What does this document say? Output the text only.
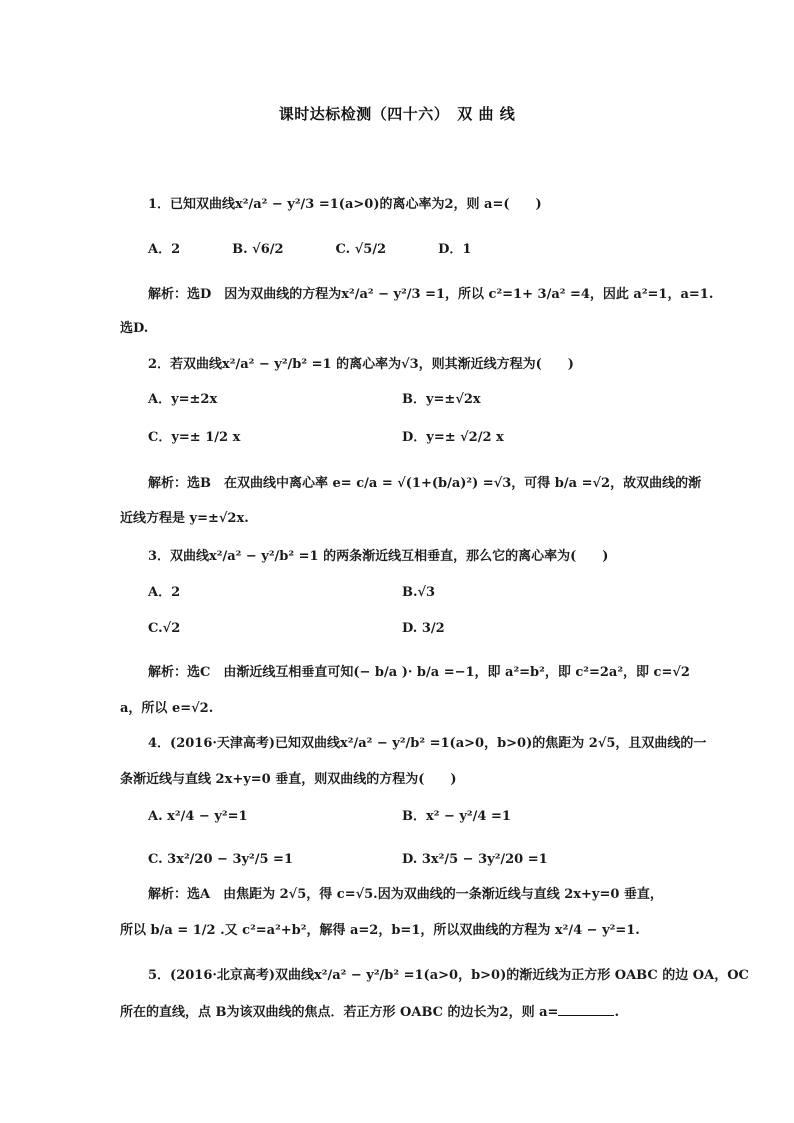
课时达标检测（四十六）　双 曲 线
1．已知双曲线x²/a² − y²/3 =1(a>0)的离心率为2，则 a=(　　)
A．2　　　　B. √6/2　　　　C. √5/2　　　　D．1
解析：选D　因为双曲线的方程为x²/a² − y²/3 =1，所以 c²=1+ 3/a² =4，因此 a²=1，a=1.
选D.
2．若双曲线x²/a² − y²/b² =1 的离心率为√3，则其渐近线方程为(　　)
A．y=±2x	B．y=±√2x
C．y=± 1/2 x	D．y=± √2/2 x
解析：选B　在双曲线中离心率 e= c/a = √(1+(b/a)²) =√3，可得 b/a =√2，故双曲线的渐
近线方程是 y=±√2x.
3．双曲线x²/a² − y²/b² =1 的两条渐近线互相垂直，那么它的离心率为(　　)
A．2	B.√3
C.√2	D. 3/2
解析：选C　由渐近线互相垂直可知(− b/a )· b/a =−1，即 a²=b²，即 c²=2a²，即 c=√2
a，所以 e=√2.
4．(2016·天津高考)已知双曲线x²/a² − y²/b² =1(a>0，b>0)的焦距为 2√5，且双曲线的一
条渐近线与直线 2x+y=0 垂直，则双曲线的方程为(　　)
A. x²/4 − y²=1	B．x² − y²/4 =1
C. 3x²/20 − 3y²/5 =1	D. 3x²/5 − 3y²/20 =1
解析：选A　由焦距为 2√5，得 c=√5.因为双曲线的一条渐近线与直线 2x+y=0 垂直，
所以 b/a = 1/2 .又 c²=a²+b²，解得 a=2，b=1，所以双曲线的方程为 x²/4 − y²=1.
5．(2016·北京高考)双曲线x²/a² − y²/b² =1(a>0，b>0)的渐近线为正方形 OABC 的边 OA，OC
所在的直线，点 B为该双曲线的焦点．若正方形 OABC 的边长为2，则 a=	.
